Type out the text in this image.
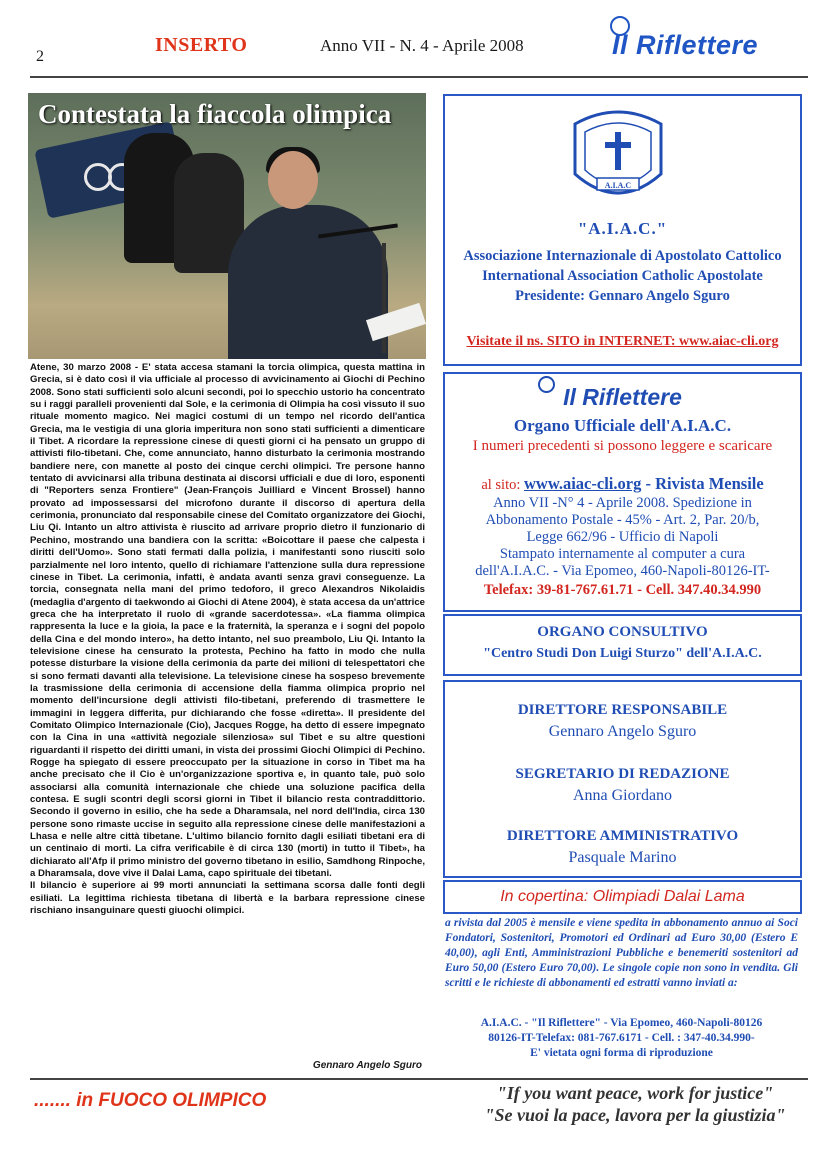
2
INSERTO	Anno VII - N. 4 - Aprile 2008	Il Riflettere
Contestata la fiaccola olimpica

Atene, 30 marzo 2008 - E' stata accesa stamani la torcia olimpica, questa mattina in Grecia, si è dato così il via ufficiale al processo di avvicinamento ai Giochi di Pechino 2008. Sono stati sufficienti solo alcuni secondi, poi lo specchio ustorio ha concentrato su i raggi paralleli provenienti dal Sole, e la cerimonia di Olimpia ha così vissuto il suo rituale momento magico. Nei magici costumi di un tempo nel ricordo dell'antica Grecia, ma le vestigia di una gloria imperitura non sono stati sufficienti a dimenticare il Tibet. A ricordare la repressione cinese di questi giorni ci ha pensato un gruppo di attivisti filo-tibetani. Che, come annunciato, hanno disturbato la cerimonia mostrando bandiere nere, con manette al posto dei cinque cerchi olimpici. Tre persone hanno tentato di avvicinarsi alla tribuna destinata ai discorsi ufficiali e due di loro, esponenti di "Reporters senza Frontiere" (Jean-François Juilliard e Vincent Brossel) hanno provato ad impossessarsi del microfono durante il discorso di apertura della cerimonia, pronunciato dal responsabile cinese del Comitato organizzatore dei Giochi, Liu Qi. Intanto un altro attivista è riuscito ad arrivare proprio dietro il funzionario di Pechino, mostrando una bandiera con la scritta: «Boicottare il paese che calpesta i diritti dell'Uomo». Sono stati fermati dalla polizia, i manifestanti sono riusciti solo parzialmente nel loro intento, quello di richiamare l'attenzione sulla dura repressione cinese in Tibet. La cerimonia, infatti, è andata avanti senza gravi conseguenze. La torcia, consegnata nella mani del primo tedoforo, il greco Alexandros Nikolaidis (medaglia d'argento di taekwondo ai Giochi di Atene 2004), è stata accesa da un'attrice greca che ha interpretato il ruolo di «grande sacerdotessa». «La fiamma olimpica rappresenta la luce e la gioia, la pace e la fraternità, la speranza e i sogni del popolo della Cina e del mondo intero», ha detto intanto, nel suo preambolo, Liu Qi. Intanto la televisione cinese ha censurato la protesta, Pechino ha fatto in modo che nulla potesse disturbare la visione della cerimonia da parte dei milioni di telespettatori che si sono fermati davanti alla televisione. La televisione cinese ha sospeso brevemente la trasmissione della cerimonia di accensione della fiamma olimpica proprio nel momento dell'incursione degli attivisti filo-tibetani, preferendo di trasmettere le immagini in leggera differita, pur dichiarando che fosse «diretta». Il presidente del Comitato Olimpico Internazionale (Cio), Jacques Rogge, ha detto di essere impegnato con la Cina in una «attività negoziale silenziosa» sul Tibet e su altre questioni riguardanti il rispetto dei diritti umani, in vista dei prossimi Giochi Olimpici di Pechino. Rogge ha spiegato di essere preoccupato per la situazione in corso in Tibet ma ha anche precisato che il Cio è un'organizzazione sportiva e, in quanto tale, può solo associarsi alla comunità internazionale che chiede una soluzione pacifica della contesa. E sugli scontri degli scorsi giorni in Tibet il bilancio resta contraddittorio. Secondo il governo in esilio, che ha sede a Dharamsala, nel nord dell'India, circa 130 persone sono rimaste uccise in seguito alla repressione cinese delle manifestazioni a Lhasa e nelle altre città tibetane. L'ultimo bilancio fornito dagli esiliati tibetani era di un centinaio di morti. La cifra verificabile è di circa 130 (morti) in tutto il Tibet», ha dichiarato all'Afp il primo ministro del governo tibetano in esilio, Samdhong Rinpoche, a Dharamsala, dove vive il Dalai Lama, capo spirituale dei tibetani.

Il bilancio è superiore ai 99 morti annunciati la settimana scorsa dalle fonti degli esiliati. La legittima richiesta tibetana di libertà e la barbara repressione cinese rischiano insanguinare questi giuochi olimpici.

Gennaro Angelo Sguro
A.I.A.C
"A.I.A.C."
Associazione Internazionale di Apostolato Cattolico
International Association Catholic Apostolate
Presidente: Gennaro Angelo Sguro
Visitate il ns. SITO in INTERNET: www.aiac-cli.org
Il Riflettere
Organo Ufficiale dell'A.I.A.C.
I numeri precedenti si possono leggere e scaricare
al sito: www.aiac-cli.org - Rivista Mensile
Anno VII -N° 4 - Aprile 2008. Spedizione in
Abbonamento Postale - 45% - Art. 2, Par. 20/b,
Legge 662/96 - Ufficio di Napoli
Stampato internamente al computer a cura
dell'A.I.A.C. - Via Epomeo, 460-Napoli-80126-IT-
Telefax: 39-81-767.61.71 - Cell. 347.40.34.990
ORGANO CONSULTIVO
"Centro Studi Don Luigi Sturzo" dell'A.I.A.C.
DIRETTORE RESPONSABILE
Gennaro Angelo Sguro
SEGRETARIO DI REDAZIONE
Anna Giordano
DIRETTORE AMMINISTRATIVO
Pasquale Marino
In copertina: Olimpiadi Dalai Lama
a rivista dal 2005 è mensile e viene spedita in abbonamento annuo ai Soci Fondatori, Sostenitori, Promotori ed Ordinari ad Euro 30,00 (Estero E 40,00), agli Enti, Amministrazioni Pubbliche e benemeriti sostenitori ad Euro 50,00 (Estero Euro 70,00). Le singole copie non sono in vendita. Gli scritti e le richieste di abbonamenti ed estratti vanno inviati a:
A.I.A.C. - "Il Riflettere" - Via Epomeo, 460-Napoli-80126
80126-IT-Telefax: 081-767.6171 - Cell. : 347-40.34.990-
E' vietata ogni forma di riproduzione
....... in FUOCO OLIMPICO	"If you want peace, work for justice"
"Se vuoi la pace, lavora per la giustizia"
